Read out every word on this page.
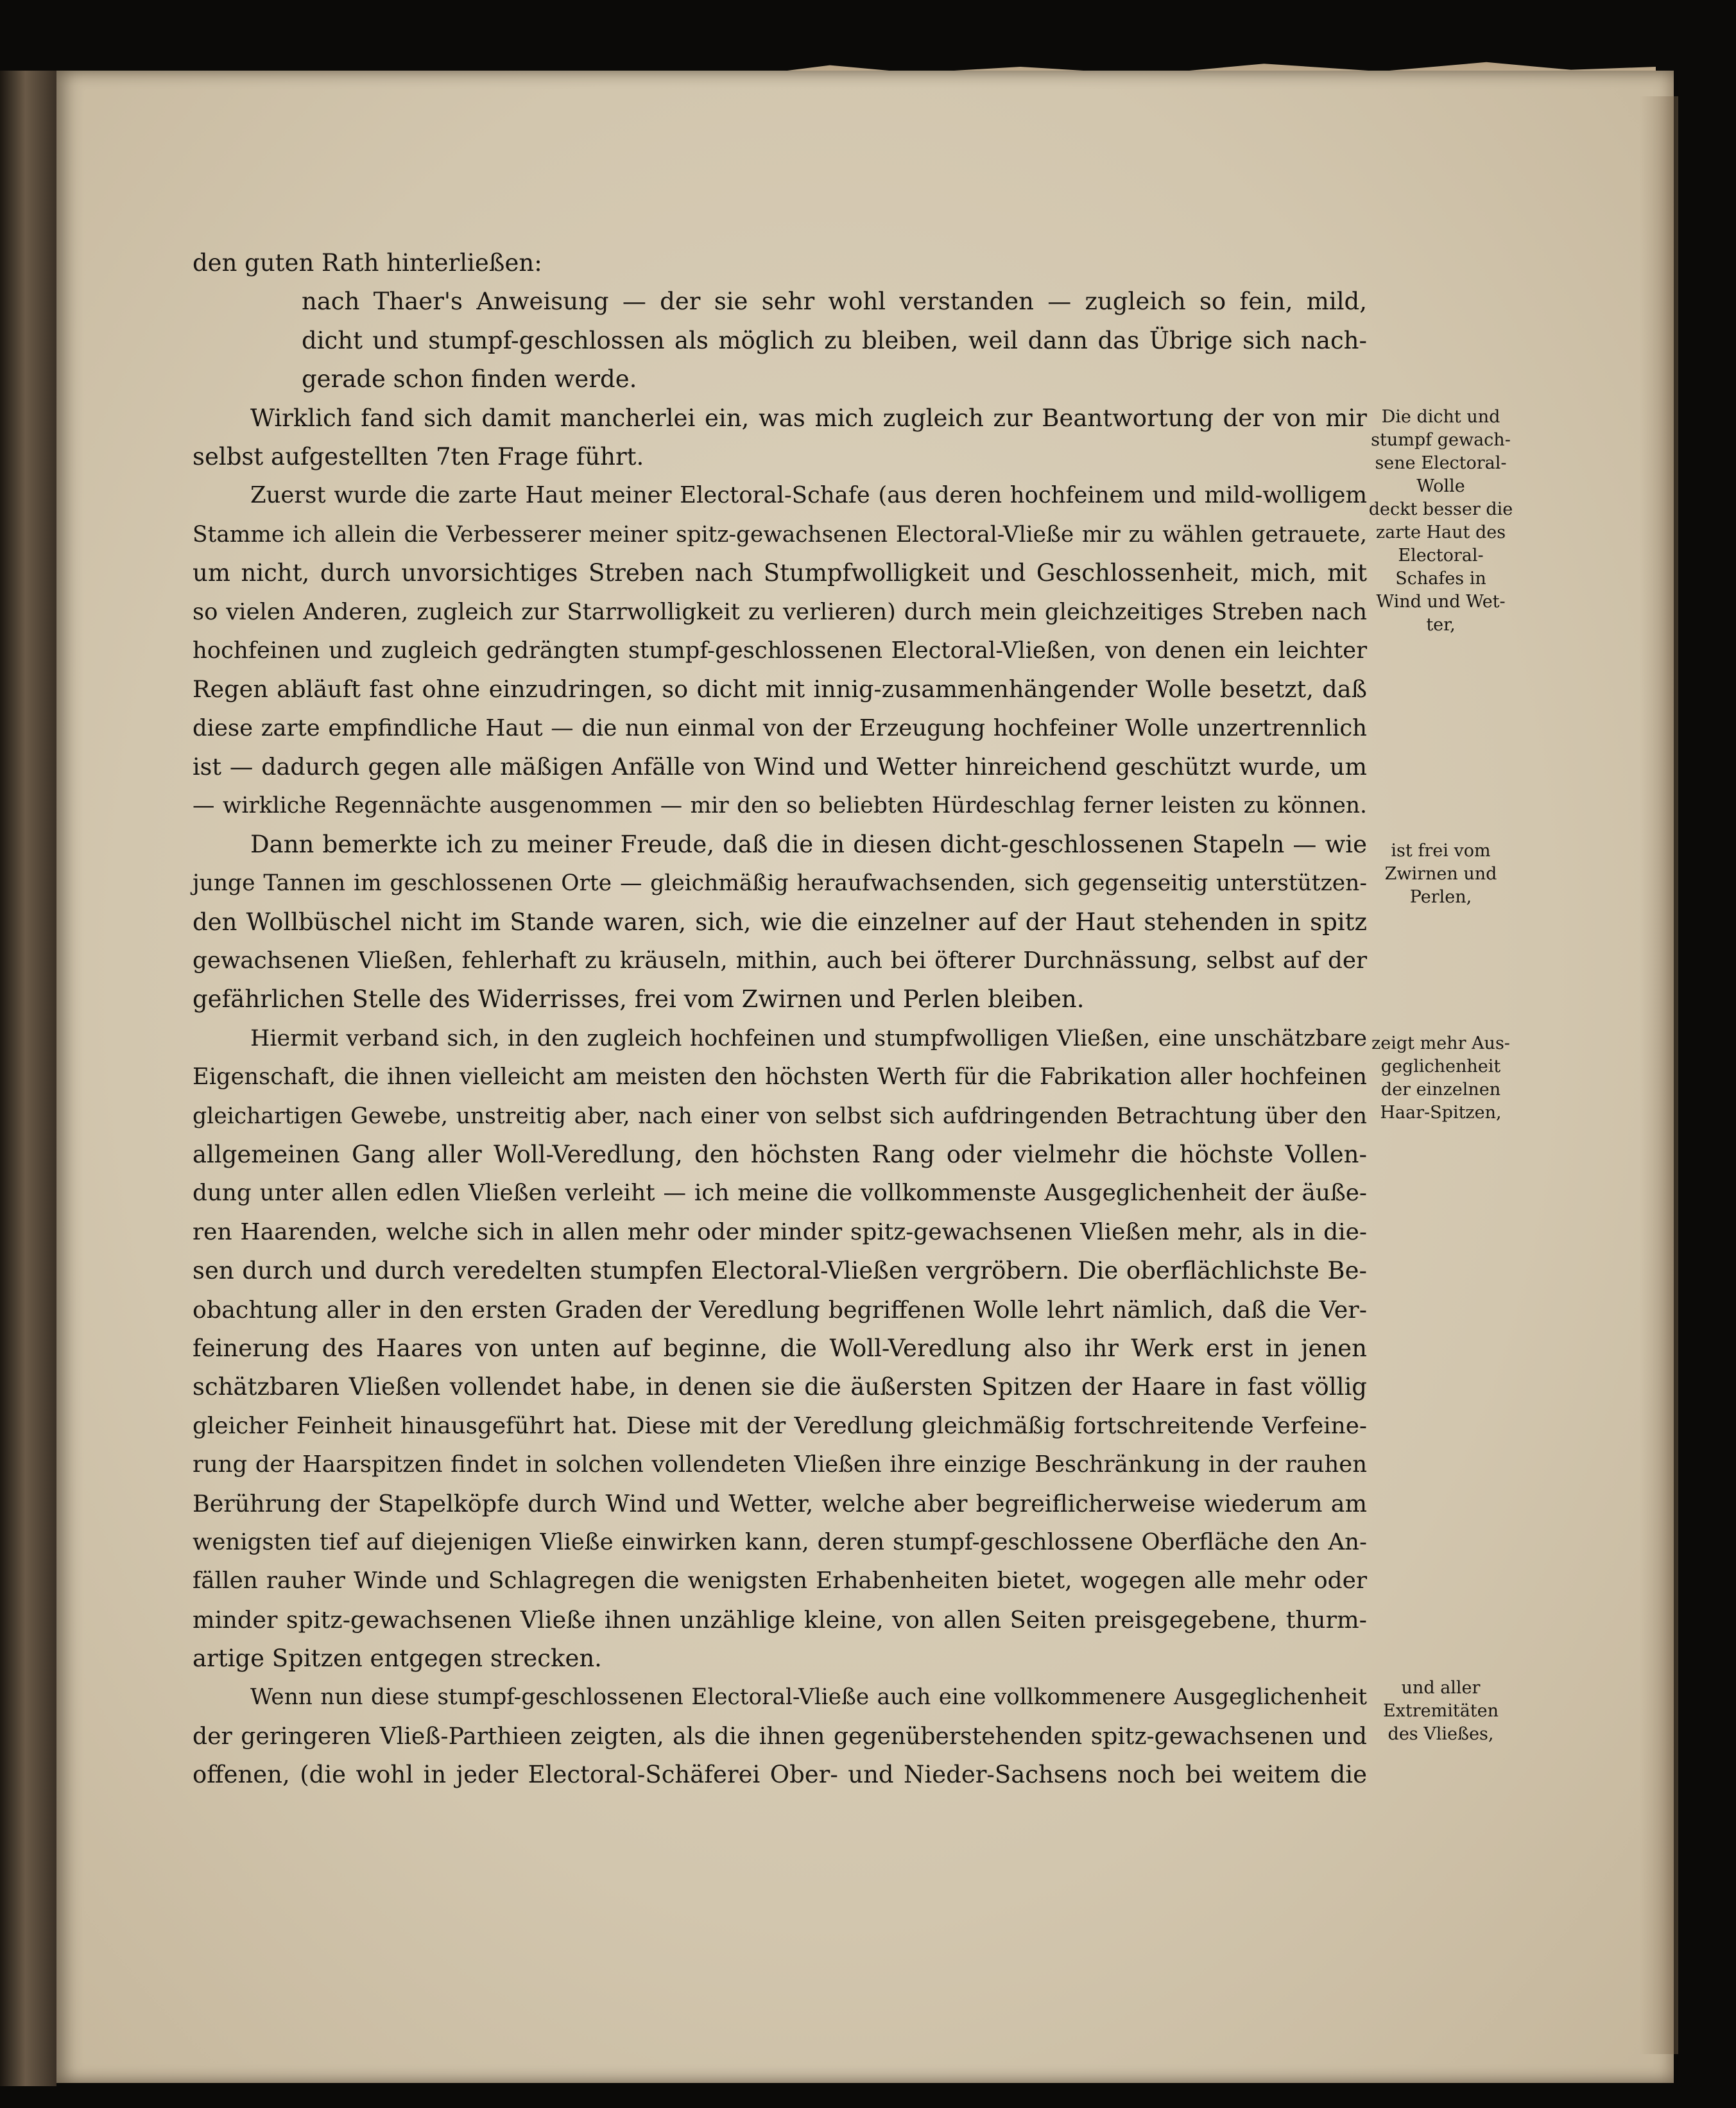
den guten Rath hinterließen:
nach Thaer's Anweisung — der sie sehr wohl verstanden — zugleich so fein, mild,
dicht und stumpf-geschlossen als möglich zu bleiben, weil dann das Übrige sich nach-
gerade schon finden werde.
Wirklich fand sich damit mancherlei ein, was mich zugleich zur Beantwortung der von mir
selbst aufgestellten 7ten Frage führt.
Zuerst wurde die zarte Haut meiner Electoral-Schafe (aus deren hochfeinem und mild-wolligem
Stamme ich allein die Verbesserer meiner spitz-gewachsenen Electoral-Vließe mir zu wählen getrauete,
um nicht, durch unvorsichtiges Streben nach Stumpfwolligkeit und Geschlossenheit, mich, mit
so vielen Anderen, zugleich zur Starrwolligkeit zu verlieren) durch mein gleichzeitiges Streben nach
hochfeinen und zugleich gedrängten stumpf-geschlossenen Electoral-Vließen, von denen ein leichter
Regen abläuft fast ohne einzudringen, so dicht mit innig-zusammenhängender Wolle besetzt, daß
diese zarte empfindliche Haut — die nun einmal von der Erzeugung hochfeiner Wolle unzertrennlich
ist — dadurch gegen alle mäßigen Anfälle von Wind und Wetter hinreichend geschützt wurde, um
— wirkliche Regennächte ausgenommen — mir den so beliebten Hürdeschlag ferner leisten zu können.
Dann bemerkte ich zu meiner Freude, daß die in diesen dicht-geschlossenen Stapeln — wie
junge Tannen im geschlossenen Orte — gleichmäßig heraufwachsenden, sich gegenseitig unterstützen-
den Wollbüschel nicht im Stande waren, sich, wie die einzelner auf der Haut stehenden in spitz
gewachsenen Vließen, fehlerhaft zu kräuseln, mithin, auch bei öfterer Durchnässung, selbst auf der
gefährlichen Stelle des Widerrisses, frei vom Zwirnen und Perlen bleiben.
Hiermit verband sich, in den zugleich hochfeinen und stumpfwolligen Vließen, eine unschätzbare
Eigenschaft, die ihnen vielleicht am meisten den höchsten Werth für die Fabrikation aller hochfeinen
gleichartigen Gewebe, unstreitig aber, nach einer von selbst sich aufdringenden Betrachtung über den
allgemeinen Gang aller Woll-Veredlung, den höchsten Rang oder vielmehr die höchste Vollen-
dung unter allen edlen Vließen verleiht — ich meine die vollkommenste Ausgeglichenheit der äuße-
ren Haarenden, welche sich in allen mehr oder minder spitz-gewachsenen Vließen mehr, als in die-
sen durch und durch veredelten stumpfen Electoral-Vließen vergröbern. Die oberflächlichste Be-
obachtung aller in den ersten Graden der Veredlung begriffenen Wolle lehrt nämlich, daß die Ver-
feinerung des Haares von unten auf beginne, die Woll-Veredlung also ihr Werk erst in jenen
schätzbaren Vließen vollendet habe, in denen sie die äußersten Spitzen der Haare in fast völlig
gleicher Feinheit hinausgeführt hat. Diese mit der Veredlung gleichmäßig fortschreitende Verfeine-
rung der Haarspitzen findet in solchen vollendeten Vließen ihre einzige Beschränkung in der rauhen
Berührung der Stapelköpfe durch Wind und Wetter, welche aber begreiflicherweise wiederum am
wenigsten tief auf diejenigen Vließe einwirken kann, deren stumpf-geschlossene Oberfläche den An-
fällen rauher Winde und Schlagregen die wenigsten Erhabenheiten bietet, wogegen alle mehr oder
minder spitz-gewachsenen Vließe ihnen unzählige kleine, von allen Seiten preisgegebene, thurm-
artige Spitzen entgegen strecken.
Wenn nun diese stumpf-geschlossenen Electoral-Vließe auch eine vollkommenere Ausgeglichenheit
der geringeren Vließ-Parthieen zeigten, als die ihnen gegenüberstehenden spitz-gewachsenen und
offenen, (die wohl in jeder Electoral-Schäferei Ober- und Nieder-Sachsens noch bei weitem die
Die dicht und
stumpf gewach-
sene Electoral-
Wolle
deckt besser die
zarte Haut des
Electoral-
Schafes in
Wind und Wet-
ter,
ist frei vom
Zwirnen und
Perlen,
zeigt mehr Aus-
geglichenheit
der einzelnen
Haar-Spitzen,
und aller
Extremitäten
des Vließes,
